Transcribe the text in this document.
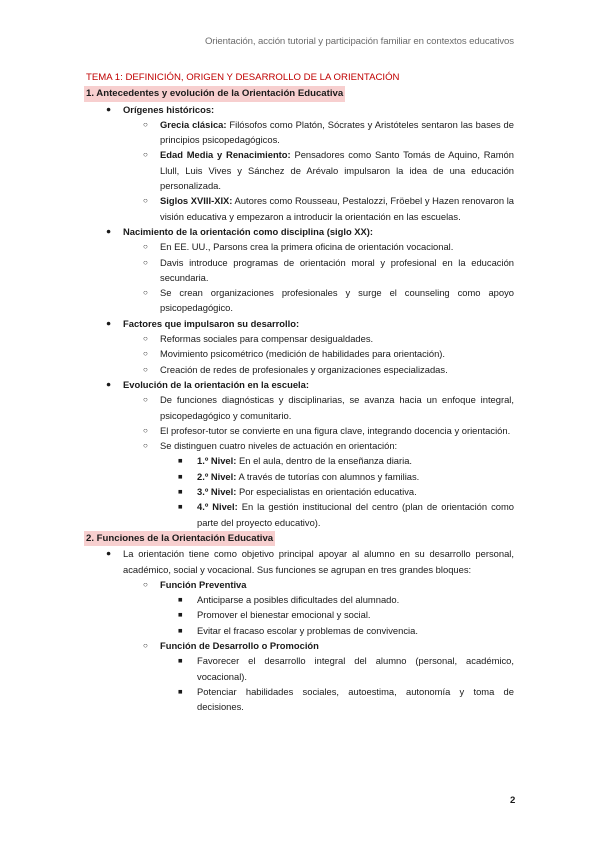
Orientación, acción tutorial y participación familiar en contextos educativos
TEMA 1: DEFINICIÓN, ORIGEN Y DESARROLLO DE LA ORIENTACIÓN
1. Antecedentes y evolución de la Orientación Educativa
● Orígenes históricos:
○ Grecia clásica: Filósofos como Platón, Sócrates y Aristóteles sentaron las bases de principios psicopedagógicos.
○ Edad Media y Renacimiento: Pensadores como Santo Tomás de Aquino, Ramón Llull, Luis Vives y Sánchez de Arévalo impulsaron la idea de una educación personalizada.
○ Siglos XVIII-XIX: Autores como Rousseau, Pestalozzi, Fröebel y Hazen renovaron la visión educativa y empezaron a introducir la orientación en las escuelas.
● Nacimiento de la orientación como disciplina (siglo XX):
○ En EE. UU., Parsons crea la primera oficina de orientación vocacional.
○ Davis introduce programas de orientación moral y profesional en la educación secundaria.
○ Se crean organizaciones profesionales y surge el counseling como apoyo psicopedagógico.
● Factores que impulsaron su desarrollo:
○ Reformas sociales para compensar desigualdades.
○ Movimiento psicométrico (medición de habilidades para orientación).
○ Creación de redes de profesionales y organizaciones especializadas.
● Evolución de la orientación en la escuela:
○ De funciones diagnósticas y disciplinarias, se avanza hacia un enfoque integral, psicopedagógico y comunitario.
○ El profesor-tutor se convierte en una figura clave, integrando docencia y orientación.
○ Se distinguen cuatro niveles de actuación en orientación:
■ 1.º Nivel: En el aula, dentro de la enseñanza diaria.
■ 2.º Nivel: A través de tutorías con alumnos y familias.
■ 3.º Nivel: Por especialistas en orientación educativa.
■ 4.º Nivel: En la gestión institucional del centro (plan de orientación como parte del proyecto educativo).
2. Funciones de la Orientación Educativa
● La orientación tiene como objetivo principal apoyar al alumno en su desarrollo personal, académico, social y vocacional. Sus funciones se agrupan en tres grandes bloques:
○ Función Preventiva
■ Anticiparse a posibles dificultades del alumnado.
■ Promover el bienestar emocional y social.
■ Evitar el fracaso escolar y problemas de convivencia.
○ Función de Desarrollo o Promoción
■ Favorecer el desarrollo integral del alumno (personal, académico, vocacional).
■ Potenciar habilidades sociales, autoestima, autonomía y toma de decisiones.
2
